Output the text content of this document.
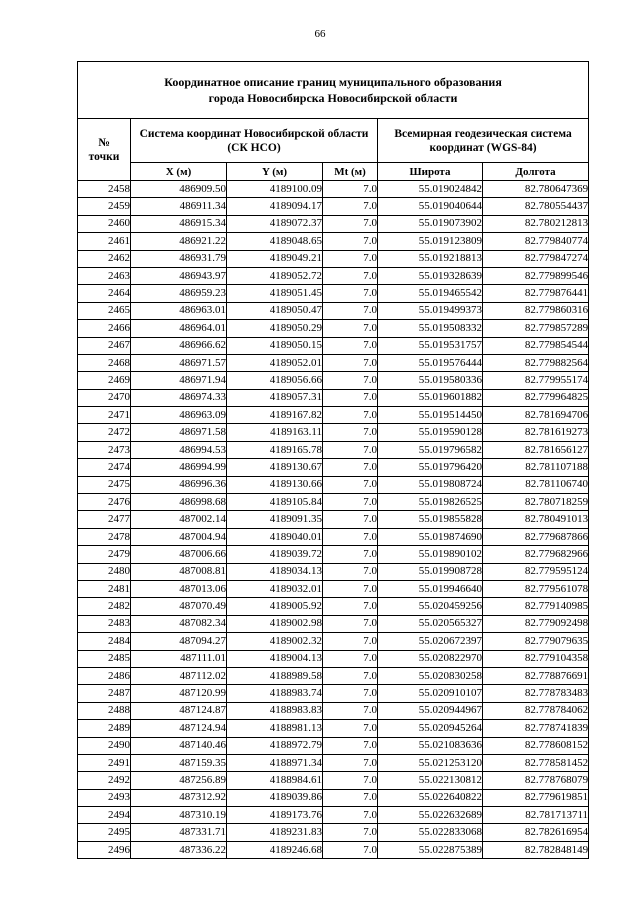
66
Координатное описание границ муниципального образования
города Новосибирска Новосибирской области					

№
точки	Система координат Новосибирской области (СК НСО)			Всемирная геодезическая система координат (WGS-84)	
	X (м)	Y (м)	Mt (м)	Широта	Долгота
2458	486909.50	4189100.09	7.0	55.019024842	82.780647369
2459	486911.34	4189094.17	7.0	55.019040644	82.780554437
2460	486915.34	4189072.37	7.0	55.019073902	82.780212813
2461	486921.22	4189048.65	7.0	55.019123809	82.779840774
2462	486931.79	4189049.21	7.0	55.019218813	82.779847274
2463	486943.97	4189052.72	7.0	55.019328639	82.779899546
2464	486959.23	4189051.45	7.0	55.019465542	82.779876441
2465	486963.01	4189050.47	7.0	55.019499373	82.779860316
2466	486964.01	4189050.29	7.0	55.019508332	82.779857289
2467	486966.62	4189050.15	7.0	55.019531757	82.779854544
2468	486971.57	4189052.01	7.0	55.019576444	82.779882564
2469	486971.94	4189056.66	7.0	55.019580336	82.779955174
2470	486974.33	4189057.31	7.0	55.019601882	82.779964825
2471	486963.09	4189167.82	7.0	55.019514450	82.781694706
2472	486971.58	4189163.11	7.0	55.019590128	82.781619273
2473	486994.53	4189165.78	7.0	55.019796582	82.781656127
2474	486994.99	4189130.67	7.0	55.019796420	82.781107188
2475	486996.36	4189130.66	7.0	55.019808724	82.781106740
2476	486998.68	4189105.84	7.0	55.019826525	82.780718259
2477	487002.14	4189091.35	7.0	55.019855828	82.780491013
2478	487004.94	4189040.01	7.0	55.019874690	82.779687866
2479	487006.66	4189039.72	7.0	55.019890102	82.779682966
2480	487008.81	4189034.13	7.0	55.019908728	82.779595124
2481	487013.06	4189032.01	7.0	55.019946640	82.779561078
2482	487070.49	4189005.92	7.0	55.020459256	82.779140985
2483	487082.34	4189002.98	7.0	55.020565327	82.779092498
2484	487094.27	4189002.32	7.0	55.020672397	82.779079635
2485	487111.01	4189004.13	7.0	55.020822970	82.779104358
2486	487112.02	4188989.58	7.0	55.020830258	82.778876691
2487	487120.99	4188983.74	7.0	55.020910107	82.778783483
2488	487124.87	4188983.83	7.0	55.020944967	82.778784062
2489	487124.94	4188981.13	7.0	55.020945264	82.778741839
2490	487140.46	4188972.79	7.0	55.021083636	82.778608152
2491	487159.35	4188971.34	7.0	55.021253120	82.778581452
2492	487256.89	4188984.61	7.0	55.022130812	82.778768079
2493	487312.92	4189039.86	7.0	55.022640822	82.779619851
2494	487310.19	4189173.76	7.0	55.022632689	82.781713711
2495	487331.71	4189231.83	7.0	55.022833068	82.782616954
2496	487336.22	4189246.68	7.0	55.022875389	82.782848149
